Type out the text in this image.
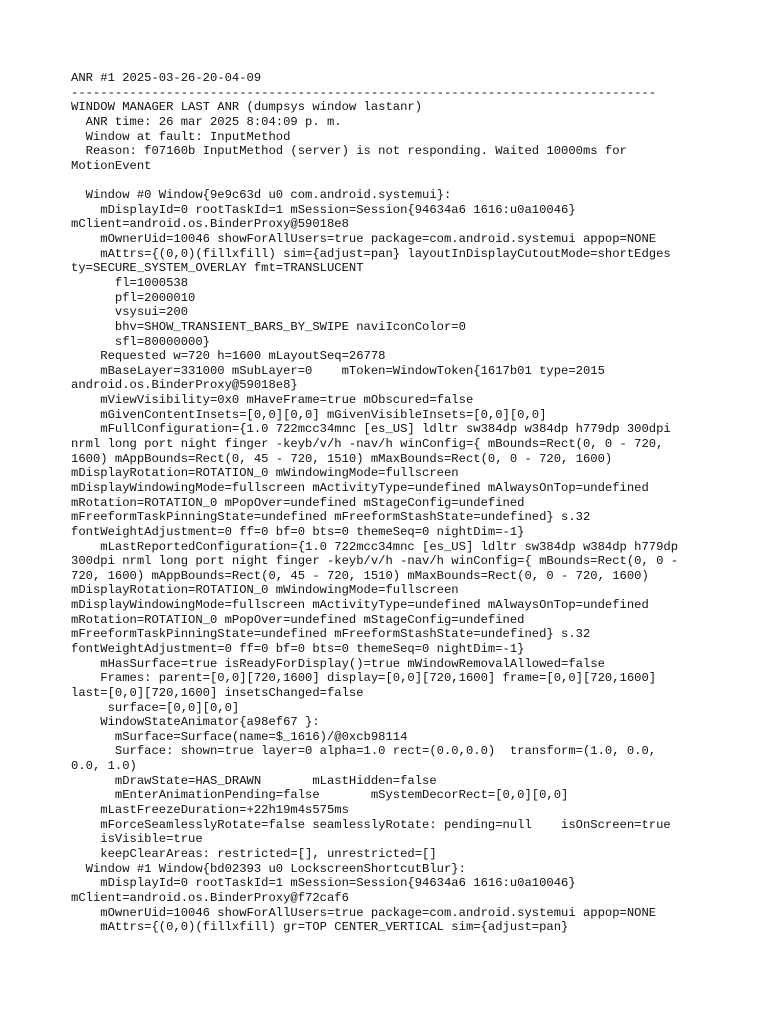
ANR #1 2025-03-26-20-04-09
--------------------------------------------------------------------------------
WINDOW MANAGER LAST ANR (dumpsys window lastanr)
ANR time: 26 mar 2025 8:04:09 p. m.
Window at fault: InputMethod
Reason: f07160b InputMethod (server) is not responding. Waited 10000ms for
MotionEvent
Window #0 Window{9e9c63d u0 com.android.systemui}:
mDisplayId=0 rootTaskId=1 mSession=Session{94634a6 1616:u0a10046}
mClient=android.os.BinderProxy@59018e8
mOwnerUid=10046 showForAllUsers=true package=com.android.systemui appop=NONE
mAttrs={(0,0)(fillxfill) sim={adjust=pan} layoutInDisplayCutoutMode=shortEdges
ty=SECURE_SYSTEM_OVERLAY fmt=TRANSLUCENT
fl=1000538
pfl=2000010
vsysui=200
bhv=SHOW_TRANSIENT_BARS_BY_SWIPE naviIconColor=0
sfl=80000000}
Requested w=720 h=1600 mLayoutSeq=26778
mBaseLayer=331000 mSubLayer=0    mToken=WindowToken{1617b01 type=2015
android.os.BinderProxy@59018e8}
mViewVisibility=0x0 mHaveFrame=true mObscured=false
mGivenContentInsets=[0,0][0,0] mGivenVisibleInsets=[0,0][0,0]
mFullConfiguration={1.0 722mcc34mnc [es_US] ldltr sw384dp w384dp h779dp 300dpi
nrml long port night finger -keyb/v/h -nav/h winConfig={ mBounds=Rect(0, 0 - 720,
1600) mAppBounds=Rect(0, 45 - 720, 1510) mMaxBounds=Rect(0, 0 - 720, 1600)
mDisplayRotation=ROTATION_0 mWindowingMode=fullscreen
mDisplayWindowingMode=fullscreen mActivityType=undefined mAlwaysOnTop=undefined
mRotation=ROTATION_0 mPopOver=undefined mStageConfig=undefined
mFreeformTaskPinningState=undefined mFreeformStashState=undefined} s.32
fontWeightAdjustment=0 ff=0 bf=0 bts=0 themeSeq=0 nightDim=-1}
mLastReportedConfiguration={1.0 722mcc34mnc [es_US] ldltr sw384dp w384dp h779dp
300dpi nrml long port night finger -keyb/v/h -nav/h winConfig={ mBounds=Rect(0, 0 -
720, 1600) mAppBounds=Rect(0, 45 - 720, 1510) mMaxBounds=Rect(0, 0 - 720, 1600)
mDisplayRotation=ROTATION_0 mWindowingMode=fullscreen
mDisplayWindowingMode=fullscreen mActivityType=undefined mAlwaysOnTop=undefined
mRotation=ROTATION_0 mPopOver=undefined mStageConfig=undefined
mFreeformTaskPinningState=undefined mFreeformStashState=undefined} s.32
fontWeightAdjustment=0 ff=0 bf=0 bts=0 themeSeq=0 nightDim=-1}
mHasSurface=true isReadyForDisplay()=true mWindowRemovalAllowed=false
Frames: parent=[0,0][720,1600] display=[0,0][720,1600] frame=[0,0][720,1600]
last=[0,0][720,1600] insetsChanged=false
surface=[0,0][0,0]
WindowStateAnimator{a98ef67 }:
mSurface=Surface(name=$_1616)/@0xcb98114
Surface: shown=true layer=0 alpha=1.0 rect=(0.0,0.0)  transform=(1.0, 0.0,
0.0, 1.0)
mDrawState=HAS_DRAWN       mLastHidden=false
mEnterAnimationPending=false       mSystemDecorRect=[0,0][0,0]
mLastFreezeDuration=+22h19m4s575ms
mForceSeamlesslyRotate=false seamlesslyRotate: pending=null    isOnScreen=true
isVisible=true
keepClearAreas: restricted=[], unrestricted=[]
Window #1 Window{bd02393 u0 LockscreenShortcutBlur}:
mDisplayId=0 rootTaskId=1 mSession=Session{94634a6 1616:u0a10046}
mClient=android.os.BinderProxy@f72caf6
mOwnerUid=10046 showForAllUsers=true package=com.android.systemui appop=NONE
mAttrs={(0,0)(fillxfill) gr=TOP CENTER_VERTICAL sim={adjust=pan}
